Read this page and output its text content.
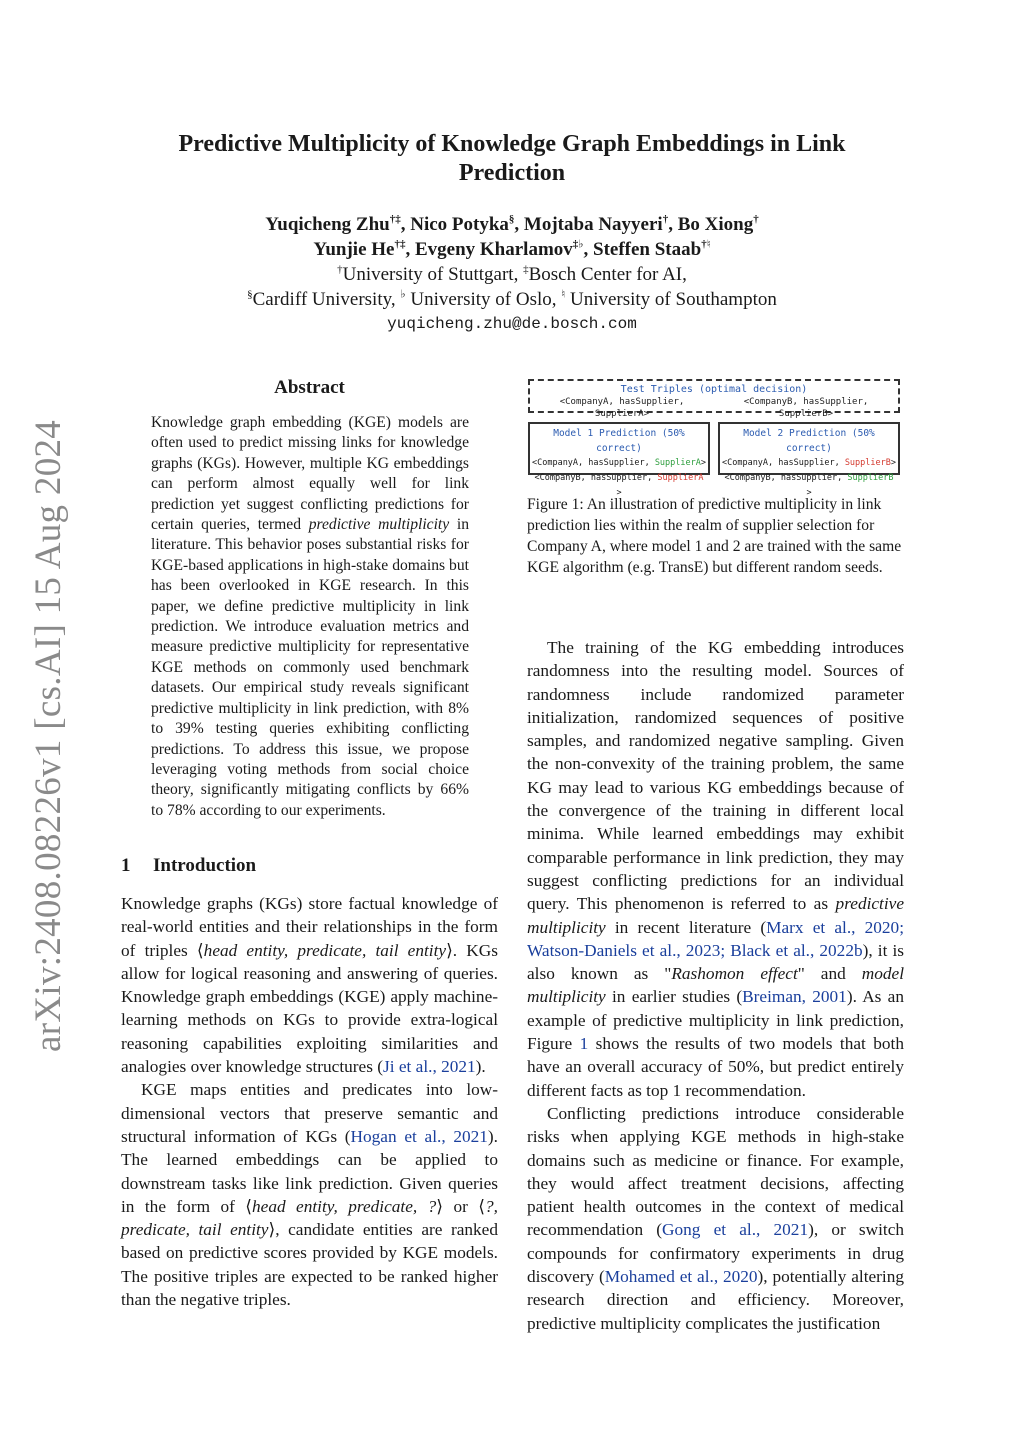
arXiv:2408.08226v1 [cs.AI] 15 Aug 2024
Predictive Multiplicity of Knowledge Graph Embeddings in Link Prediction
Yuqicheng Zhu†‡, Nico Potyka§, Mojtaba Nayyeri†, Bo Xiong†
Yunjie He†‡, Evgeny Kharlamov‡♭, Steffen Staab†♮
†University of Stuttgart, ‡Bosch Center for AI,
§Cardiff University, ♭ University of Oslo, ♮ University of Southampton
yuqicheng.zhu@de.bosch.com
Abstract
Knowledge graph embedding (KGE) models are often used to predict missing links for knowledge graphs (KGs). However, multiple KG embeddings can perform almost equally well for link prediction yet suggest conflicting predictions for certain queries, termed predictive multiplicity in literature. This behavior poses substantial risks for KGE-based applications in high-stake domains but has been overlooked in KGE research. In this paper, we define predictive multiplicity in link prediction. We introduce evaluation metrics and measure predictive multiplicity for representative KGE methods on commonly used benchmark datasets. Our empirical study reveals significant predictive multiplicity in link prediction, with 8% to 39% testing queries exhibiting conflicting predictions. To address this issue, we propose leveraging voting methods from social choice theory, significantly mitigating conflicts by 66% to 78% according to our experiments.
1 Introduction

Knowledge graphs (KGs) store factual knowledge of real-world entities and their relationships in the form of triples ⟨head entity, predicate, tail entity⟩. KGs allow for logical reasoning and answering of queries. Knowledge graph embeddings (KGE) apply machine-learning methods on KGs to provide extra-logical reasoning capabilities exploiting similarities and analogies over knowledge structures (Ji et al., 2021).

KGE maps entities and predicates into low-dimensional vectors that preserve semantic and structural information of KGs (Hogan et al., 2021). The learned embeddings can be applied to downstream tasks like link prediction. Given queries in the form of ⟨head entity, predicate, ?⟩ or ⟨?, predicate, tail entity⟩, candidate entities are ranked based on predictive scores provided by KGE models. The positive triples are expected to be ranked higher than the negative triples.

Test Triples (optimal decision)
<CompanyA, hasSupplier, SupplierA>
<CompanyB, hasSupplier, SupplierB>
Model 1 Prediction (50% correct)
<CompanyA, hasSupplier, SupplierA>
<CompanyB, hasSupplier, SupplierA >
Model 2 Prediction (50% correct)
<CompanyA, hasSupplier, SupplierB>
<CompanyB, hasSupplier, SupplierB >
Figure 1: An illustration of predictive multiplicity in link prediction lies within the realm of supplier selection for Company A, where model 1 and 2 are trained with the same KGE algorithm (e.g. TransE) but different random seeds.

The training of the KG embedding introduces randomness into the resulting model. Sources of randomness include randomized parameter initialization, randomized sequences of positive samples, and randomized negative sampling. Given the non-convexity of the training problem, the same KG may lead to various KG embeddings because of the convergence of the training in different local minima. While learned embeddings may exhibit comparable performance in link prediction, they may suggest conflicting predictions for an individual query. This phenomenon is referred to as predictive multiplicity in recent literature (Marx et al., 2020; Watson-Daniels et al., 2023; Black et al., 2022b), it is also known as "Rashomon effect" and model multiplicity in earlier studies (Breiman, 2001). As an example of predictive multiplicity in link prediction, Figure 1 shows the results of two models that both have an overall accuracy of 50%, but predict entirely different facts as top 1 recommendation.

Conflicting predictions introduce considerable risks when applying KGE methods in high-stake domains such as medicine or finance. For example, they would affect treatment decisions, affecting patient health outcomes in the context of medical recommendation (Gong et al., 2021), or switch compounds for confirmatory experiments in drug discovery (Mohamed et al., 2020), potentially altering research direction and efficiency. Moreover, predictive multiplicity complicates the justification
